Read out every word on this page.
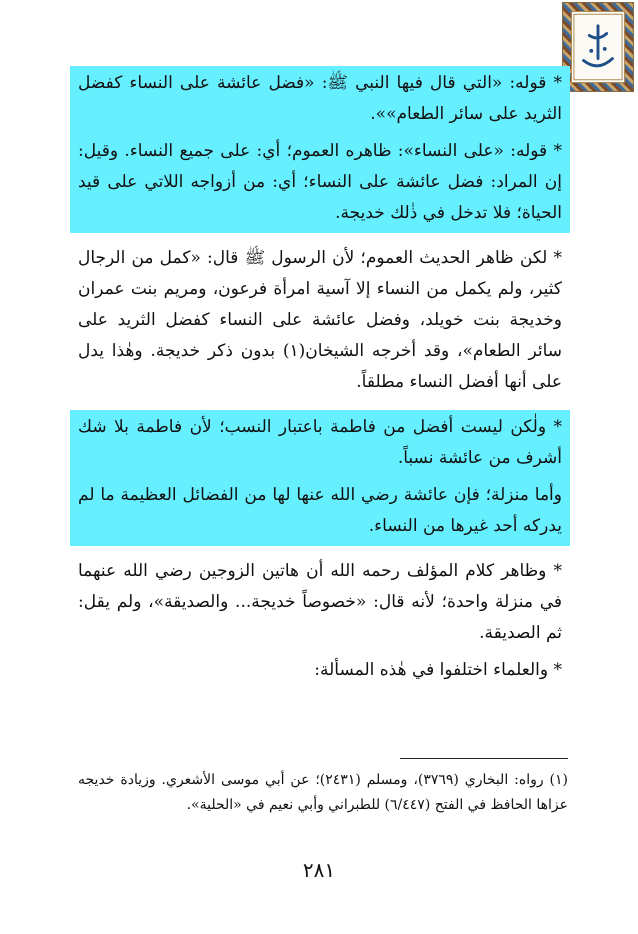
* قوله: «التي قال فيها النبي ﷺ: «فضل عائشة على النساء كفضل الثريد على سائر الطعام»».

* قوله: «على النساء»: ظاهره العموم؛ أي: على جميع النساء. وقيل: إن المراد: فضل عائشة على النساء؛ أي: من أزواجه اللاتي على قيد الحياة؛ فلا تدخل في ذٰلك خديجة.

* لكن ظاهر الحديث العموم؛ لأن الرسول ﷺ قال: «كمل من الرجال كثير، ولم يكمل من النساء إلا آسية امرأة فرعون، ومريم بنت عمران وخديجة بنت خويلد، وفضل عائشة على النساء كفضل الثريد على سائر الطعام»، وقد أخرجه الشيخان(١) بدون ذكر خديجة. وهٰذا يدل على أنها أفضل النساء مطلقاً.

* ولٰكن ليست أفضل من فاطمة باعتبار النسب؛ لأن فاطمة بلا شك أشرف من عائشة نسباً.

وأما منزلة؛ فإن عائشة رضي الله عنها لها من الفضائل العظيمة ما لم يدركه أحد غيرها من النساء.

* وظاهر كلام المؤلف رحمه الله أن هاتين الزوجين رضي الله عنهما في منزلة واحدة؛ لأنه قال: «خصوصاً خديجة... والصديقة»، ولم يقل: ثم الصديقة.

* والعلماء اختلفوا في هٰذه المسألة:

(١) رواه: البخاري (٣٧٦٩)، ومسلم (٢٤٣١)؛ عن أبي موسى الأشعري. وزيادة خديجه عزاها الحافظ في الفتح (٦/٤٤٧) للطبراني وأبي نعيم في «الحلية».

٢٨١
